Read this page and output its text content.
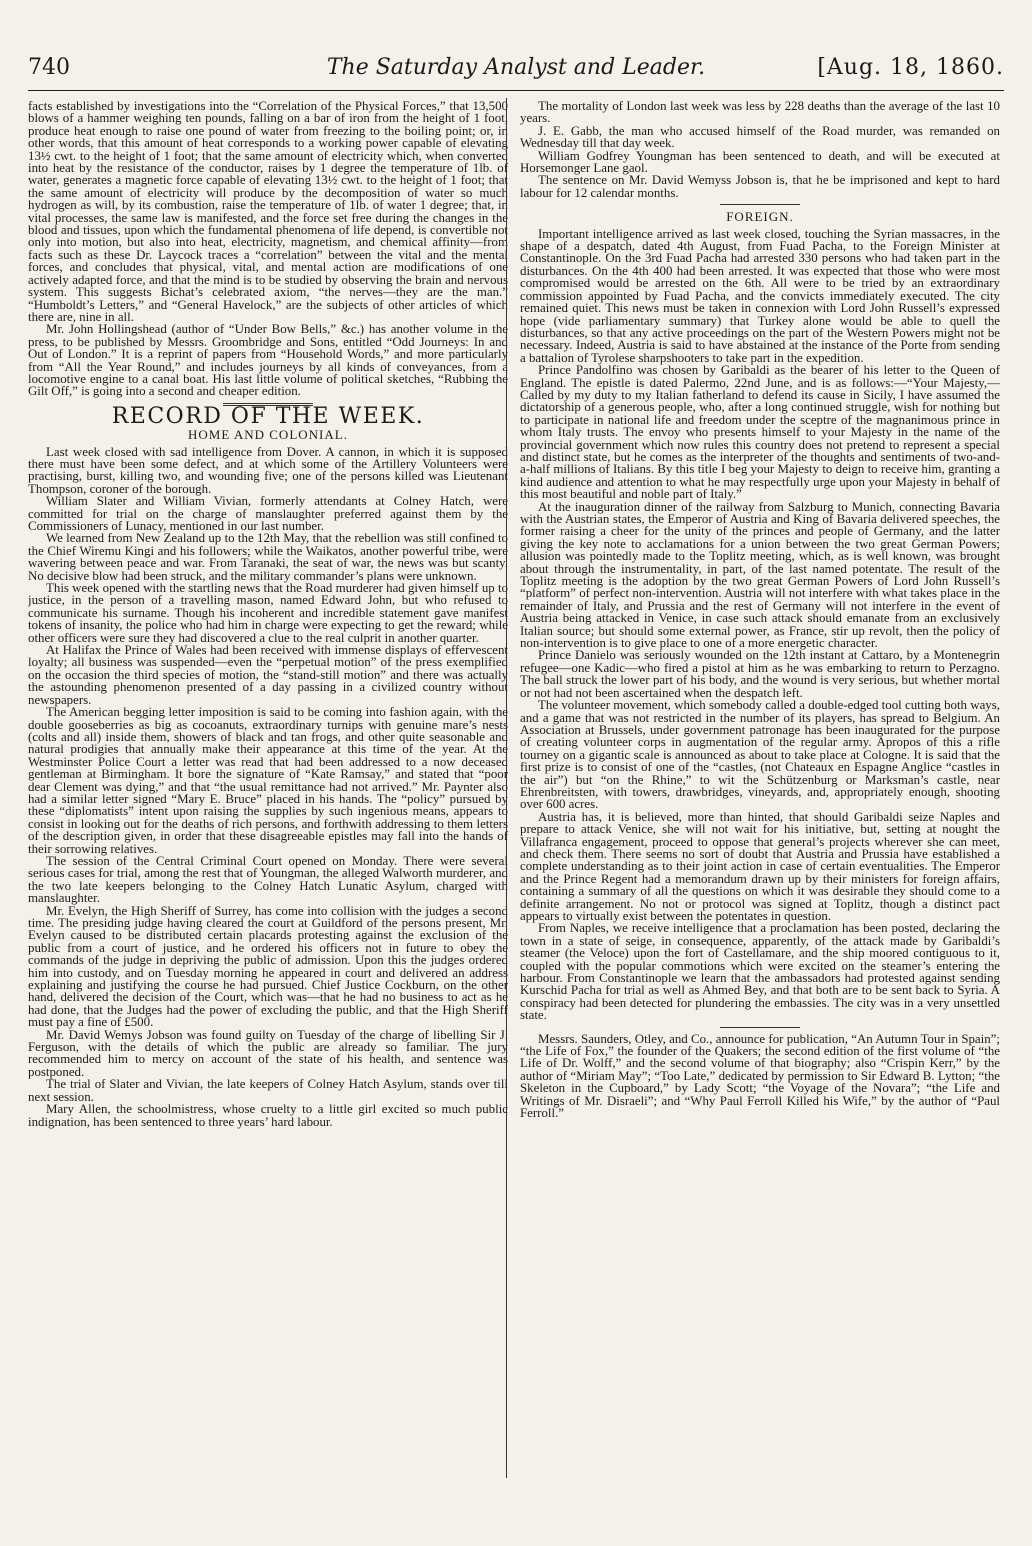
740	The Saturday Analyst and Leader.	[Aug. 18, 1860.

facts established by investigations into the “Correlation of the Physical Forces,” that 13,500 blows of a hammer weighing ten pounds, falling on a bar of iron from the height of 1 foot, produce heat enough to raise one pound of water from freezing to the boiling point; or, in other words, that this amount of heat corresponds to a working power capable of elevating 13½ cwt. to the height of 1 foot; that the same amount of electricity which, when converted into heat by the resistance of the conductor, raises by 1 degree the temperature of 1lb. of water, generates a magnetic force capable of elevating 13½ cwt. to the height of 1 foot; that the same amount of electricity will produce by the decomposition of water so much hydrogen as will, by its combustion, raise the temperature of 1lb. of water 1 degree; that, in vital processes, the same law is manifested, and the force set free during the changes in the blood and tissues, upon which the fundamental phenomena of life depend, is convertible not only into motion, but also into heat, electricity, magnetism, and chemical affinity—from facts such as these Dr. Laycock traces a “correlation” between the vital and the mental forces, and concludes that physical, vital, and mental action are modifications of one actively adapted force, and that the mind is to be studied by observing the brain and nervous system. This suggests Bichat’s celebrated axiom, “the nerves—they are the man.” “Humboldt’s Letters,” and “General Havelock,” are the subjects of other articles of which there are, nine in all.

Mr. John Hollingshead (author of “Under Bow Bells,” &c.) has another volume in the press, to be published by Messrs. Groombridge and Sons, entitled “Odd Journeys: In and Out of London.” It is a reprint of papers from “Household Words,” and more particularly from “All the Year Round,” and includes journeys by all kinds of conveyances, from a locomotive engine to a canal boat. His last little volume of political sketches, “Rubbing the Gilt Off,” is going into a second and cheaper edition.

RECORD OF THE WEEK.
HOME AND COLONIAL.

Last week closed with sad intelligence from Dover. A cannon, in which it is supposed there must have been some defect, and at which some of the Artillery Volunteers were practising, burst, killing two, and wounding five; one of the persons killed was Lieutenant Thompson, coroner of the borough.

William Slater and William Vivian, formerly attendants at Colney Hatch, were committed for trial on the charge of manslaughter preferred against them by the Commissioners of Lunacy, mentioned in our last number.

We learned from New Zealand up to the 12th May, that the rebellion was still confined to the Chief Wiremu Kingi and his followers; while the Waikatos, another powerful tribe, were wavering between peace and war. From Taranaki, the seat of war, the news was but scanty. No decisive blow had been struck, and the military commander’s plans were unknown.

This week opened with the startling news that the Road murderer had given himself up to justice, in the person of a travelling mason, named Edward John, but who refused to communicate his surname. Though his incoherent and incredible statement gave manifest tokens of insanity, the police who had him in charge were expecting to get the reward; while other officers were sure they had discovered a clue to the real culprit in another quarter.

At Halifax the Prince of Wales had been received with immense displays of effervescent loyalty; all business was suspended—even the “perpetual motion” of the press exemplified on the occasion the third species of motion, the “stand-still motion” and there was actually the astounding phenomenon presented of a day passing in a civilized country without newspapers.

The American begging letter imposition is said to be coming into fashion again, with the double gooseberries as big as cocoanuts, extraordinary turnips with genuine mare’s nests (colts and all) inside them, showers of black and tan frogs, and other quite seasonable and natural prodigies that annually make their appearance at this time of the year. At the Westminster Police Court a letter was read that had been addressed to a now deceased gentleman at Birmingham. It bore the signature of “Kate Ramsay,” and stated that “poor dear Clement was dying,” and that “the usual remittance had not arrived.” Mr. Paynter also had a similar letter signed “Mary E. Bruce” placed in his hands. The “policy” pursued by these “diplomatists” intent upon raising the supplies by such ingenious means, appears to consist in looking out for the deaths of rich persons, and forthwith addressing to them letters of the description given, in order that these disagreeable epistles may fall into the hands of their sorrowing relatives.

The session of the Central Criminal Court opened on Monday. There were several serious cases for trial, among the rest that of Youngman, the alleged Walworth murderer, and the two late keepers belonging to the Colney Hatch Lunatic Asylum, charged with manslaughter.

Mr. Evelyn, the High Sheriff of Surrey, has come into collision with the judges a second time. The presiding judge having cleared the court at Guildford of the persons present, Mr. Evelyn caused to be distributed certain placards protesting against the exclusion of the public from a court of justice, and he ordered his officers not in future to obey the commands of the judge in depriving the public of admission. Upon this the judges ordered him into custody, and on Tuesday morning he appeared in court and delivered an address explaining and justifying the course he had pursued. Chief Justice Cockburn, on the other hand, delivered the decision of the Court, which was—that he had no business to act as he had done, that the Judges had the power of excluding the public, and that the High Sheriff must pay a fine of £500.

Mr. David Wemys Jobson was found guilty on Tuesday of the charge of libelling Sir J. Ferguson, with the details of which the public are already so familiar. The jury recommended him to mercy on account of the state of his health, and sentence was postponed.

The trial of Slater and Vivian, the late keepers of Colney Hatch Asylum, stands over till next session.

Mary Allen, the schoolmistress, whose cruelty to a little girl excited so much public indignation, has been sentenced to three years’ hard labour.

The mortality of London last week was less by 228 deaths than the average of the last 10 years.

J. E. Gabb, the man who accused himself of the Road murder, was remanded on Wednesday till that day week.

William Godfrey Youngman has been sentenced to death, and will be executed at Horsemonger Lane gaol.

The sentence on Mr. David Wemyss Jobson is, that he be imprisoned and kept to hard labour for 12 calendar months.

FOREIGN.

Important intelligence arrived as last week closed, touching the Syrian massacres, in the shape of a despatch, dated 4th August, from Fuad Pacha, to the Foreign Minister at Constantinople. On the 3rd Fuad Pacha had arrested 330 persons who had taken part in the disturbances. On the 4th 400 had been arrested. It was expected that those who were most compromised would be arrested on the 6th. All were to be tried by an extraordinary commission appointed by Fuad Pacha, and the convicts immediately executed. The city remained quiet. This news must be taken in connexion with Lord John Russell’s expressed hope (vide parliamentary summary) that Turkey alone would be able to quell the disturbances, so that any active proceedings on the part of the Western Powers might not be necessary. Indeed, Austria is said to have abstained at the instance of the Porte from sending a battalion of Tyrolese sharpshooters to take part in the expedition.

Prince Pandolfino was chosen by Garibaldi as the bearer of his letter to the Queen of England. The epistle is dated Palermo, 22nd June, and is as follows:—“Your Majesty,—Called by my duty to my Italian fatherland to defend its cause in Sicily, I have assumed the dictatorship of a generous people, who, after a long continued struggle, wish for nothing but to participate in national life and freedom under the sceptre of the magnanimous prince in whom Italy trusts. The envoy who presents himself to your Majesty in the name of the provincial government which now rules this country does not pretend to represent a special and distinct state, but he comes as the interpreter of the thoughts and sentiments of two-and-a-half millions of Italians. By this title I beg your Majesty to deign to receive him, granting a kind audience and attention to what he may respectfully urge upon your Majesty in behalf of this most beautiful and noble part of Italy.”

At the inauguration dinner of the railway from Salzburg to Munich, connecting Bavaria with the Austrian states, the Emperor of Austria and King of Bavaria delivered speeches, the former raising a cheer for the unity of the princes and people of Germany, and the latter giving the key note to acclamations for a union between the two great German Powers; allusion was pointedly made to the Toplitz meeting, which, as is well known, was brought about through the instrumentality, in part, of the last named potentate. The result of the Toplitz meeting is the adoption by the two great German Powers of Lord John Russell’s “platform” of perfect non-intervention. Austria will not interfere with what takes place in the remainder of Italy, and Prussia and the rest of Germany will not interfere in the event of Austria being attacked in Venice, in case such attack should emanate from an exclusively Italian source; but should some external power, as France, stir up revolt, then the policy of non-intervention is to give place to one of a more energetic character.

Prince Danielo was seriously wounded on the 12th instant at Cattaro, by a Montenegrin refugee—one Kadic—who fired a pistol at him as he was embarking to return to Perzagno. The ball struck the lower part of his body, and the wound is very serious, but whether mortal or not had not been ascertained when the despatch left.

The volunteer movement, which somebody called a double-edged tool cutting both ways, and a game that was not restricted in the number of its players, has spread to Belgium. An Association at Brussels, under government patronage has been inaugurated for the purpose of creating volunteer corps in augmentation of the regular army. Apropos of this a rifle tourney on a gigantic scale is announced as about to take place at Cologne. It is said that the first prize is to consist of one of the “castles, (not Chateaux en Espagne Anglice “castles in the air”) but “on the Rhine,” to wit the Schützenburg or Marksman’s castle, near Ehrenbreitsten, with towers, drawbridges, vineyards, and, appropriately enough, shooting over 600 acres.

Austria has, it is believed, more than hinted, that should Garibaldi seize Naples and prepare to attack Venice, she will not wait for his initiative, but, setting at nought the Villafranca engagement, proceed to oppose that general’s projects wherever she can meet, and check them. There seems no sort of doubt that Austria and Prussia have established a complete understanding as to their joint action in case of certain eventualities. The Emperor and the Prince Regent had a memorandum drawn up by their ministers for foreign affairs, containing a summary of all the questions on which it was desirable they should come to a definite arrangement. No not or protocol was signed at Toplitz, though a distinct pact appears to virtually exist between the potentates in question.

From Naples, we receive intelligence that a proclamation has been posted, declaring the town in a state of seige, in consequence, apparently, of the attack made by Garibaldi’s steamer (the Veloce) upon the fort of Castellamare, and the ship moored contiguous to it, coupled with the popular commotions which were excited on the steamer’s entering the harbour. From Constantinople we learn that the ambassadors had protested against sending Kurschid Pacha for trial as well as Ahmed Bey, and that both are to be sent back to Syria. A conspiracy had been detected for plundering the embassies. The city was in a very unsettled state.

Messrs. Saunders, Otley, and Co., announce for publication, “An Autumn Tour in Spain”; “the Life of Fox,” the founder of the Quakers; the second edition of the first volume of “the Life of Dr. Wolff,” and the second volume of that biography; also “Crispin Kerr,” by the author of “Miriam May”; “Too Late,” dedicated by permission to Sir Edward B. Lytton; “the Skeleton in the Cupboard,” by Lady Scott; “the Voyage of the Novara”; “the Life and Writings of Mr. Disraeli”; and “Why Paul Ferroll Killed his Wife,” by the author of “Paul Ferroll.”
